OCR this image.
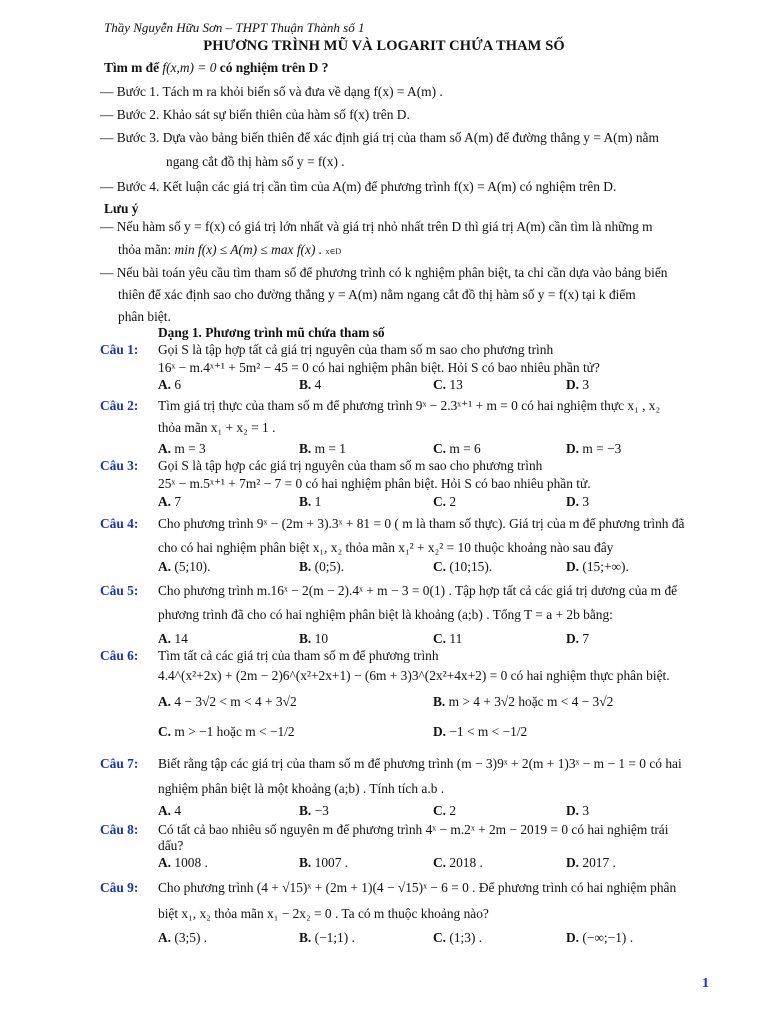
Thầy Nguyễn Hữu Sơn – THPT Thuận Thành số 1
PHƯƠNG TRÌNH MŨ VÀ LOGARIT CHỨA THAM SỐ
Tìm m để f(x,m) = 0 có nghiệm trên D ?
— Bước 1. Tách m ra khỏi biến số và đưa về dạng f(x) = A(m) .
— Bước 2. Khảo sát sự biến thiên của hàm số f(x) trên D.
— Bước 3. Dựa vào bảng biến thiên để xác định giá trị của tham số A(m) để đường thẳng y = A(m) nằm
ngang cắt đồ thị hàm số y = f(x) .
— Bước 4. Kết luận các giá trị cần tìm của A(m) để phương trình f(x) = A(m) có nghiệm trên D.
Lưu ý
— Nếu hàm số y = f(x) có giá trị lớn nhất và giá trị nhỏ nhất trên D thì giá trị A(m) cần tìm là những m
thỏa mãn: min f(x) ≤ A(m) ≤ max f(x) . x∈D
— Nếu bài toán yêu cầu tìm tham số để phương trình có k nghiệm phân biệt, ta chỉ cần dựa vào bảng biến
thiên để xác định sao cho đường thẳng y = A(m) nằm ngang cắt đồ thị hàm số y = f(x) tại k điểm
phân biệt.
Dạng 1. Phương trình mũ chứa tham số
Câu 1: Gọi S là tập hợp tất cả giá trị nguyên của tham số m sao cho phương trình
16ˣ − m.4ˣ⁺¹ + 5m² − 45 = 0 có hai nghiệm phân biệt. Hỏi S có bao nhiêu phần tử?
A. 6	B. 4	C. 13	D. 3
Câu 2: Tìm giá trị thực của tham số m để phương trình 9ˣ − 2.3ˣ⁺¹ + m = 0 có hai nghiệm thực x₁ , x₂
thỏa mãn x₁ + x₂ = 1 .
A. m = 3	B. m = 1	C. m = 6	D. m = −3
Câu 3: Gọi S là tập hợp các giá trị nguyên của tham số m sao cho phương trình
25ˣ − m.5ˣ⁺¹ + 7m² − 7 = 0 có hai nghiệm phân biệt. Hỏi S có bao nhiêu phần tử.
A. 7	B. 1	C. 2	D. 3
Câu 4: Cho phương trình 9ˣ − (2m + 3).3ˣ + 81 = 0 ( m là tham số thực). Giá trị của m để phương trình đã
cho có hai nghiệm phân biệt x₁, x₂ thỏa mãn x₁² + x₂² = 10 thuộc khoảng nào sau đây
A. (5;10).	B. (0;5).	C. (10;15).	D. (15;+∞).
Câu 5: Cho phương trình m.16ˣ − 2(m − 2).4ˣ + m − 3 = 0(1) . Tập hợp tất cả các giá trị dương của m để
phương trình đã cho có hai nghiệm phân biệt là khoảng (a;b) . Tổng T = a + 2b bằng:
A. 14	B. 10	C. 11	D. 7
Câu 6: Tìm tất cả các giá trị của tham số m để phương trình
4.4^(x²+2x) + (2m − 2)6^(x²+2x+1) − (6m + 3)3^(2x²+4x+2) = 0 có hai nghiệm thực phân biệt.
A. 4 − 3√2 < m < 4 + 3√2	B. m > 4 + 3√2 hoặc m < 4 − 3√2
C. m > −1 hoặc m < −1/2	D. −1 < m < −1/2
Câu 7: Biết rằng tập các giá trị của tham số m để phương trình (m − 3)9ˣ + 2(m + 1)3ˣ − m − 1 = 0 có hai
nghiệm phân biệt là một khoảng (a;b) . Tính tích a.b .
A. 4	B. −3	C. 2	D. 3
Câu 8: Có tất cả bao nhiêu số nguyên m để phương trình 4ˣ − m.2ˣ + 2m − 2019 = 0 có hai nghiệm trái
dấu?
A. 1008 .	B. 1007 .	C. 2018 .	D. 2017 .
Câu 9: Cho phương trình (4 + √15)ˣ + (2m + 1)(4 − √15)ˣ − 6 = 0 . Để phương trình có hai nghiệm phân
biệt x₁, x₂ thỏa mãn x₁ − 2x₂ = 0 . Ta có m thuộc khoảng nào?
A. (3;5) .	B. (−1;1) .	C. (1;3) .	D. (−∞;−1) .
1
